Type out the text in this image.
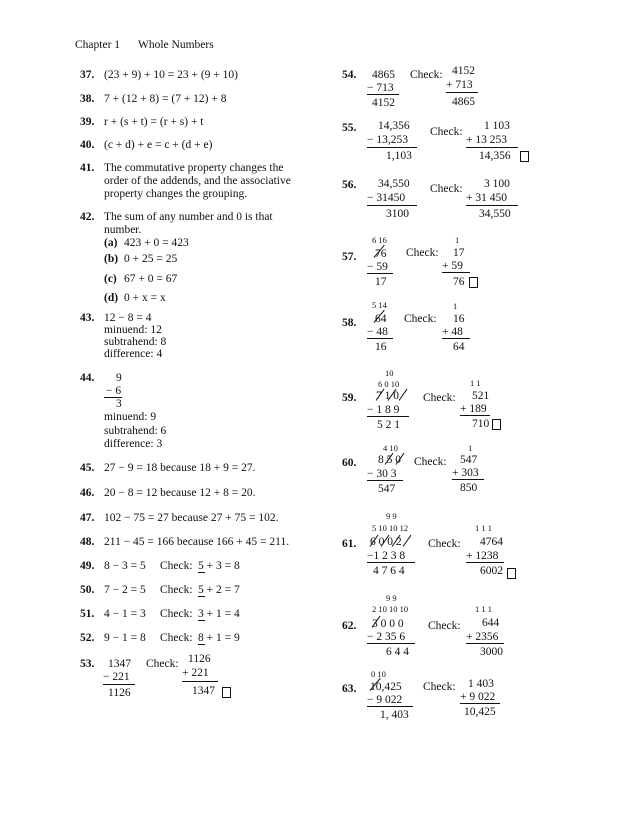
Chapter 1 Whole Numbers
37. (23 + 9) + 10 = 23 + (9 + 10)
38. 7 + (12 + 8) = (7 + 12) + 8
39. r + (s + t) = (r + s) + t
40. (c + d) + e = c + (d + e)
41. The commutative property changes the
order of the addends, and the associative
property changes the grouping.
42. The sum of any number and 0 is that
number.
(a) 423 + 0 = 423
(b) 0 + 25 = 25
(c) 67 + 0 = 67
(d) 0 + x = x
43. 12 − 8 = 4
minuend: 12
subtrahend: 8
difference: 4
44. 9
− 6
3
minuend: 9
subtrahend: 6
difference: 3
45. 27 − 9 = 18 because 18 + 9 = 27.
46. 20 − 8 = 12 because 12 + 8 = 20.
47. 102 − 75 = 27 because 27 + 75 = 102.
48. 211 − 45 = 166 because 166 + 45 = 211.
49. 8 − 3 = 5 Check: 5 + 3 = 8
50. 7 − 2 = 5 Check: 5 + 2 = 7
51. 4 − 1 = 3 Check: 3 + 1 = 4
52. 9 − 1 = 8 Check: 8 + 1 = 9
53. 1347
− 221
1126
Check: 1126
+ 221
1347
54. 4865
− 713
4152
Check: 4152
+ 713
4865
55. 14,356
− 13,253
1,103
Check: 1 103
+ 13 253
14,356
56. 34,550
− 31450
3100
Check: 3 100
+ 31 450
34,550
6 16
57. 76
− 59
17
Check:
1
17
+ 59
76
5 14
58. 64
− 48
16
Check:
1
16
+ 48
64
10
6 0 10
59. 7 1 0
− 1 8 9
5 2 1
Check:
1 1
521
+ 189
710
4 10
60. 8 5 0
− 30 3
547
Check:
1
547
+ 303
850
9 9
5 10 10 12
61. 6 0 0 2
−1 2 3 8
4 7 6 4
Check:
1 1 1
4764
+ 1238
6002
9 9
2 10 10 10
62. 3 0 0 0
− 2 35 6
6 4 4
Check:
1 1 1
644
+ 2356
3000
0 10
63. 10,425
− 9 022
1, 403
Check: 1 403
+ 9 022
10,425
